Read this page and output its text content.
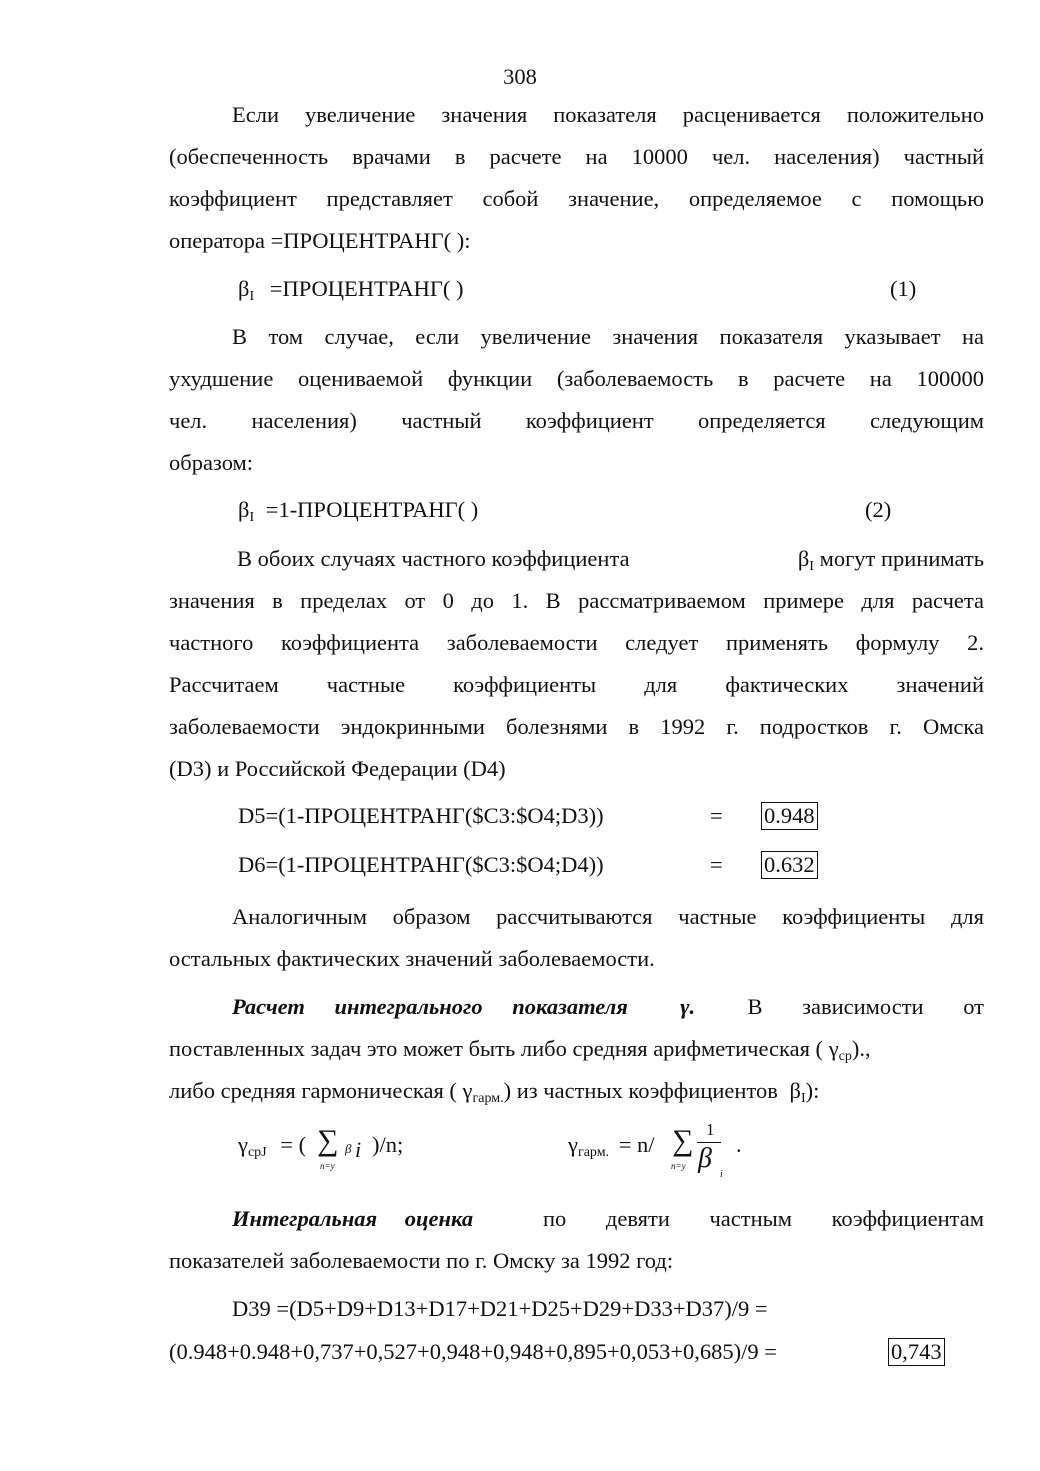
308
Если увеличение значения показателя расценивается положительно
(обеспеченность врачами в расчете на 10000 чел. населения) частный
коэффициент представляет собой значение, определяемое с помощью
оператора =ПРОЦЕНТРАНГ( ):
βI =ПРОЦЕНТРАНГ( )	(1)
В том случае, если увеличение значения показателя указывает на
ухудшение оцениваемой функции (заболеваемость в расчете на 100000
чел. населения) частный коэффициент определяется следующим
образом:
βI =1-ПРОЦЕНТРАНГ( )	(2)
В обоих случаях частного коэффициента	βI могут принимать
значения в пределах от 0 до 1. В рассматриваемом примере для расчета
частного коэффициента заболеваемости следует применять формулу 2.
Рассчитаем частные коэффициенты для фактических значений
заболеваемости эндокринными болезнями в 1992 г. подростков г. Омска
(D3) и Российской Федерации (D4)
D5=(1-ПРОЦЕНТРАНГ($C3:$O4;D3))	= 0.948
D6=(1-ПРОЦЕНТРАНГ($C3:$O4;D4))	= 0.632
Аналогичным образом рассчитываются частные коэффициенты для
остальных фактических значений заболеваемости.
Расчет интегрального показателя γ. В зависимости от
поставленных задач это может быть либо средняя арифметическая ( γср).,
либо средняя гармоническая ( γгарм.) из частных коэффициентов βI):
γсрJ = ( ∑
n=y
β i )/n;	γгарм. = n/ ∑
n=y
1
β
i
.
Интегральная оценка	по девяти частным коэффициентам
показателей заболеваемости по г. Омску за 1992 год:
D39 =(D5+D9+D13+D17+D21+D25+D29+D33+D37)/9 =
(0.948+0.948+0,737+0,527+0,948+0,948+0,895+0,053+0,685)/9 =	0,743
